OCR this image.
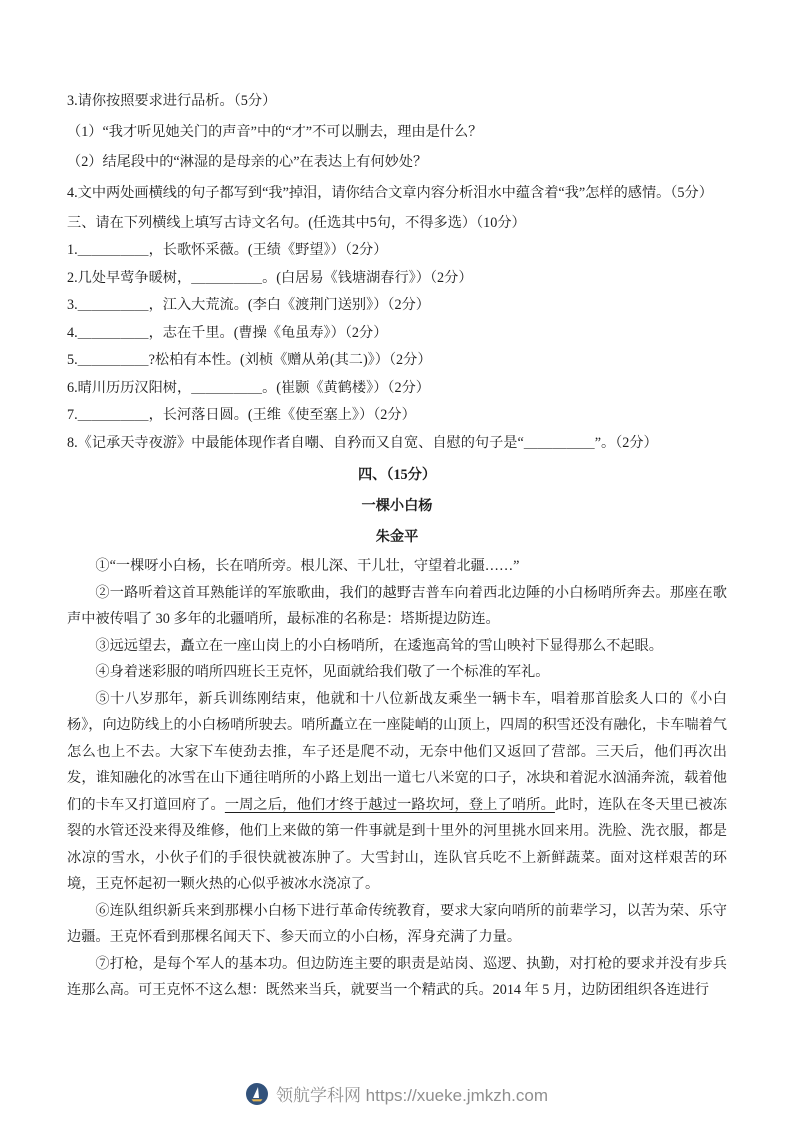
3.请你按照要求进行品析。（5分）
（1）“我才听见她关门的声音”中的“才”不可以删去，理由是什么？
（2）结尾段中的“淋湿的是母亲的心”在表达上有何妙处？
4.文中两处画横线的句子都写到“我”掉泪，请你结合文章内容分析泪水中蕴含着“我”怎样的感情。（5分）
三、请在下列横线上填写古诗文名句。(任选其中5句，不得多选）（10分）
1.＿＿＿＿＿，长歌怀采薇。(王绩《野望》）（2分）
2.几处早莺争暖树，＿＿＿＿＿。(白居易《钱塘湖春行》）（2分）
3.＿＿＿＿＿，江入大荒流。(李白《渡荆门送别》）（2分）
4.＿＿＿＿＿，志在千里。(曹操《龟虽寿》）（2分）
5.＿＿＿＿＿?松柏有本性。(刘桢《赠从弟(其二)》）（2分）
6.晴川历历汉阳树，＿＿＿＿＿。(崔颢《黄鹤楼》）（2分）
7.＿＿＿＿＿，长河落日圆。(王维《使至塞上》）（2分）
8.《记承天寺夜游》中最能体现作者自嘲、自矜而又自宽、自慰的句子是“＿＿＿＿＿”。（2分）
四、（15分）
一棵小白杨
朱金平

①“一棵呀小白杨，长在哨所旁。根儿深、干儿壮，守望着北疆……”

②一路听着这首耳熟能详的军旅歌曲，我们的越野吉普车向着西北边陲的小白杨哨所奔去。那座在歌声中被传唱了 30 多年的北疆哨所，最标准的名称是：塔斯提边防连。

③远远望去，矗立在一座山岗上的小白杨哨所，在逶迤高耸的雪山映衬下显得那么不起眼。

④身着迷彩服的哨所四班长王克怀，见面就给我们敬了一个标准的军礼。

⑤十八岁那年，新兵训练刚结束，他就和十八位新战友乘坐一辆卡车，唱着那首脍炙人口的《小白杨》，向边防线上的小白杨哨所驶去。哨所矗立在一座陡峭的山顶上，四周的积雪还没有融化，卡车喘着气怎么也上不去。大家下车使劲去推，车子还是爬不动，无奈中他们又返回了营部。三天后，他们再次出发，谁知融化的冰雪在山下通往哨所的小路上划出一道七八米宽的口子，冰块和着泥水汹涌奔流，载着他们的卡车又打道回府了。一周之后，他们才终于越过一路坎坷，登上了哨所。此时，连队在冬天里已被冻裂的水管还没来得及维修，他们上来做的第一件事就是到十里外的河里挑水回来用。洗脸、洗衣服，都是冰凉的雪水，小伙子们的手很快就被冻肿了。大雪封山，连队官兵吃不上新鲜蔬菜。面对这样艰苦的环境，王克怀起初一颗火热的心似乎被冰水浇凉了。

⑥连队组织新兵来到那棵小白杨下进行革命传统教育，要求大家向哨所的前辈学习，以苦为荣、乐守边疆。王克怀看到那棵名闻天下、参天而立的小白杨，浑身充满了力量。

⑦打枪，是每个军人的基本功。但边防连主要的职责是站岗、巡逻、执勤，对打枪的要求并没有步兵连那么高。可王克怀不这么想：既然来当兵，就要当一个精武的兵。2014 年 5 月，边防团组织各连进行

领航学科网 https://xueke.jmkzh.com
